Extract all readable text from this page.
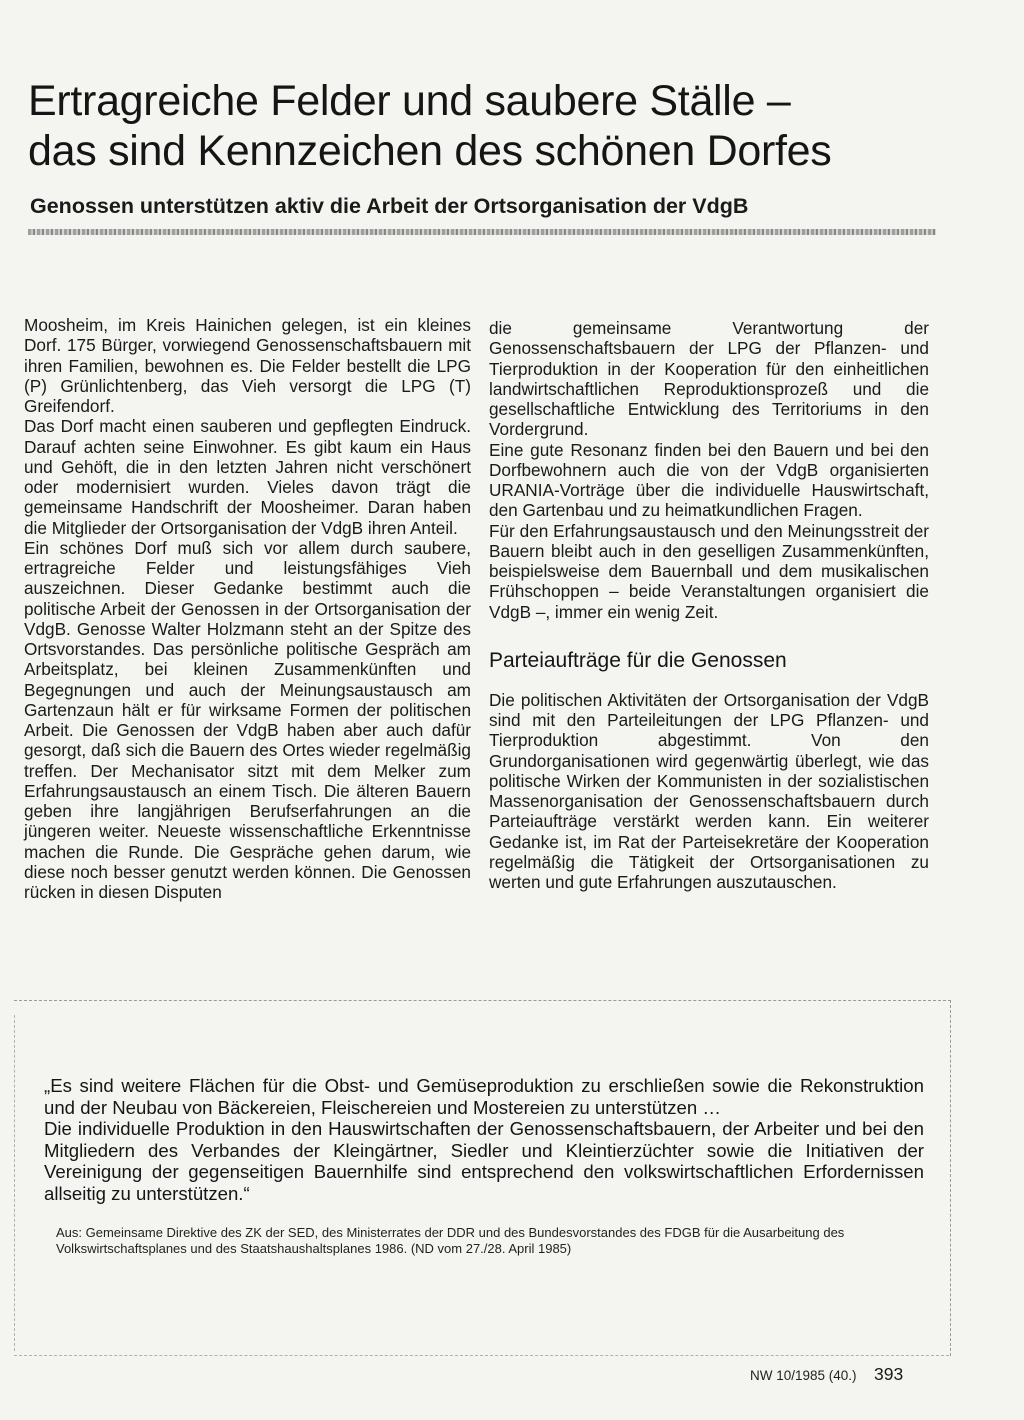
Ertragreiche Felder und saubere Ställe –
das sind Kennzeichen des schönen Dorfes
Genossen unterstützen aktiv die Arbeit der Ortsorganisation der VdgB

Moosheim, im Kreis Hainichen gelegen, ist ein kleines Dorf. 175 Bürger, vorwiegend Genossenschaftsbauern mit ihren Familien, bewohnen es. Die Felder bestellt die LPG (P) Grünlichtenberg, das Vieh versorgt die LPG (T) Greifendorf.

Das Dorf macht einen sauberen und gepflegten Eindruck. Darauf achten seine Einwohner. Es gibt kaum ein Haus und Gehöft, die in den letzten Jahren nicht verschönert oder modernisiert wurden. Vieles davon trägt die gemeinsame Handschrift der Moosheimer. Daran haben die Mitglieder der Ortsorganisation der VdgB ihren Anteil.

Ein schönes Dorf muß sich vor allem durch saubere, ertragreiche Felder und leistungsfähiges Vieh auszeichnen. Dieser Gedanke bestimmt auch die politische Arbeit der Genossen in der Ortsorganisation der VdgB. Genosse Walter Holzmann steht an der Spitze des Ortsvorstandes. Das persönliche politische Gespräch am Arbeitsplatz, bei kleinen Zusammenkünften und Begegnungen und auch der Meinungsaustausch am Gartenzaun hält er für wirksame Formen der politischen Arbeit. Die Genossen der VdgB haben aber auch dafür gesorgt, daß sich die Bauern des Ortes wieder regelmäßig treffen. Der Mechanisator sitzt mit dem Melker zum Erfahrungsaustausch an einem Tisch. Die älteren Bauern geben ihre langjährigen Berufserfahrungen an die jüngeren weiter. Neueste wissenschaftliche Erkenntnisse machen die Runde. Die Gespräche gehen darum, wie diese noch besser genutzt werden können. Die Genossen rücken in diesen Disputen

die gemeinsame Verantwortung der Genossenschaftsbauern der LPG der Pflanzen- und Tierproduktion in der Kooperation für den einheitlichen landwirtschaftlichen Reproduktionsprozeß und die gesellschaftliche Entwicklung des Territoriums in den Vordergrund.

Eine gute Resonanz finden bei den Bauern und bei den Dorfbewohnern auch die von der VdgB organisierten URANIA-Vorträge über die individuelle Hauswirtschaft, den Gartenbau und zu heimatkundlichen Fragen.

Für den Erfahrungsaustausch und den Meinungsstreit der Bauern bleibt auch in den geselligen Zusammenkünften, beispielsweise dem Bauernball und dem musikalischen Frühschoppen – beide Veranstaltungen organisiert die VdgB –, immer ein wenig Zeit.

Parteiaufträge für die Genossen

Die politischen Aktivitäten der Ortsorganisation der VdgB sind mit den Parteileitungen der LPG Pflanzen- und Tierproduktion abgestimmt. Von den Grundorganisationen wird gegenwärtig überlegt, wie das politische Wirken der Kommunisten in der sozialistischen Massenorganisation der Genossenschaftsbauern durch Parteiaufträge verstärkt werden kann. Ein weiterer Gedanke ist, im Rat der Parteisekretäre der Kooperation regelmäßig die Tätigkeit der Ortsorganisationen zu werten und gute Erfahrungen auszutauschen.

„Es sind weitere Flächen für die Obst- und Gemüseproduktion zu erschließen sowie die Rekonstruktion und der Neubau von Bäckereien, Fleischereien und Mostereien zu unterstützen …

Die individuelle Produktion in den Hauswirtschaften der Genossenschaftsbauern, der Arbeiter und bei den Mitgliedern des Verbandes der Kleingärtner, Siedler und Kleintierzüchter sowie die Initiativen der Vereinigung der gegenseitigen Bauernhilfe sind entsprechend den volkswirtschaftlichen Erfordernissen allseitig zu unterstützen.“

Aus: Gemeinsame Direktive des ZK der SED, des Ministerrates der DDR und des Bundesvorstandes des FDGB für die Ausarbeitung des Volkswirtschaftsplanes und des Staatshaushaltsplanes 1986. (ND vom 27./28. April 1985)
NW 10/1985 (40.) 393
